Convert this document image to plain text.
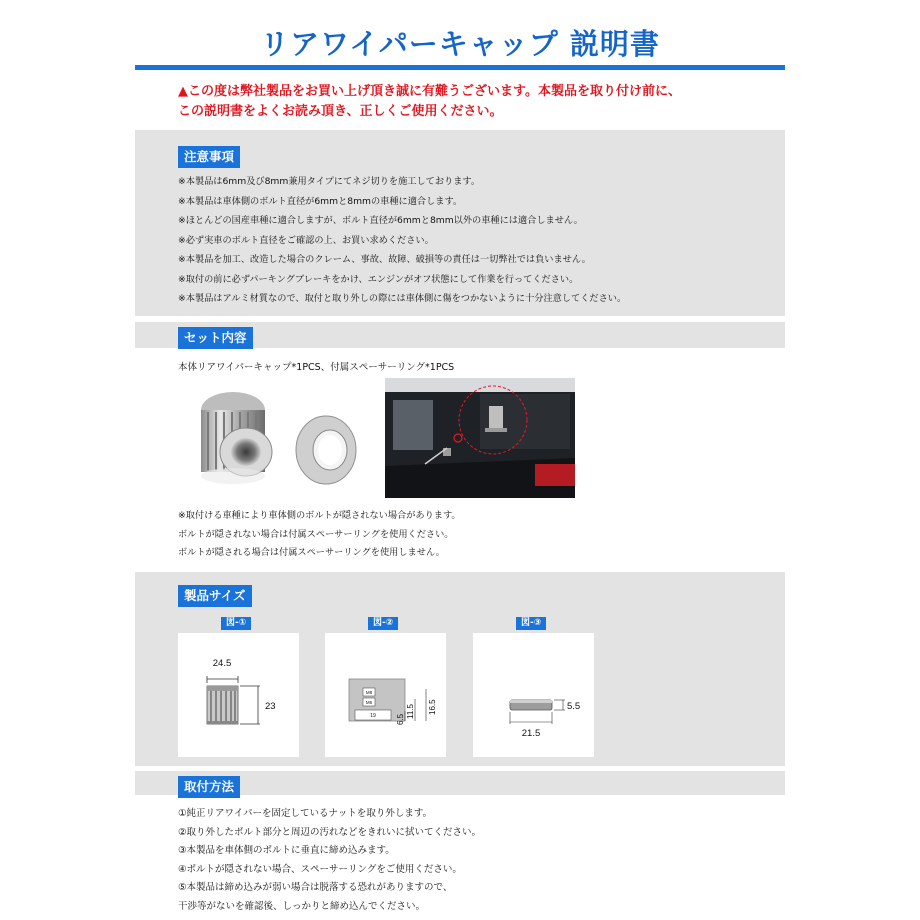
リアワイパーキャップ 説明書
▲この度は弊社製品をお買い上げ頂き誠に有難うございます。本製品を取り付け前に、
この説明書をよくお読み頂き、正しくご使用ください。
注意事項
※本製品は6mm及び8mm兼用タイプにてネジ切りを施工しております。
※本製品は車体側のボルト直径が6mmと8mmの車種に適合します。
※ほとんどの国産車種に適合しますが、ボルト直径が6mmと8mm以外の車種には適合しません。
※必ず実車のボルト直径をご確認の上、お買い求めください。
※本製品を加工、改造した場合のクレーム、事故、故障、破損等の責任は一切弊社では負いません。
※取付の前に必ずパーキングブレーキをかけ、エンジンがオフ状態にして作業を行ってください。
※本製品はアルミ材質なので、取付と取り外しの際には車体側に傷をつかないように十分注意してください。
セット内容
本体リアワイパーキャップ*1PCS、付属スペーサーリング*1PCS
※取付ける車種により車体側のボルトが隠されない場合があります。
ボルトが隠されない場合は付属スペーサーリングを使用ください。
ボルトが隠される場合は付属スペーサーリングを使用しません。
製品サイズ
図-①	図-②	図-③
24.5
23
M8
M6
19	6.5
11.5 16.5	5.5
21.5
取付方法
①純正リアワイパーを固定しているナットを取り外します。
②取り外したボルト部分と周辺の汚れなどをきれいに拭いてください。
③本製品を車体側のボルトに垂直に締め込みます。
④ボルトが隠されない場合、スペーサーリングをご使用ください。
⑤本製品は締め込みが弱い場合は脱落する恐れがありますので、
干渉等がないを確認後、しっかりと締め込んでください。
